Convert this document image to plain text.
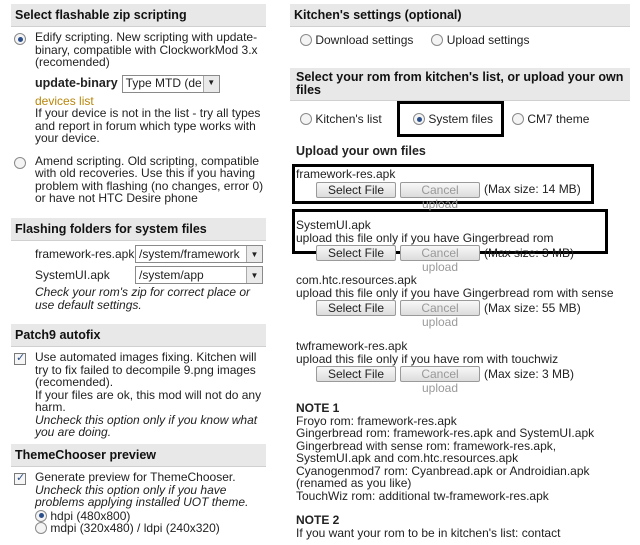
Select flashable zip scripting
Edify scripting. New scripting with update-binary, compatible with ClockworkMod 3.x (recomended)
update-binary Type MTD (de ▼
devices list
If your device is not in the list - try all types and report in forum which type works with your device.
Amend scripting. Old scripting, compatible with old recoveries. Use this if you having problem with flashing (no changes, error 0) or have not HTC Desire phone
Flashing folders for system files
framework-res.apk /system/framework	▼
SystemUI.apk	/system/app	▼
Check your rom's zip for correct place or use default settings.
Patch9 autofix
✓
Use automated images fixing. Kitchen will try to fix failed to decompile 9.png images (recomended).
If your files are ok, this mod will not do any harm.
Uncheck this option only if you know what you are doing.
ThemeChooser preview
✓
Generate preview for ThemeChooser.
Uncheck this option only if you have problems applying installed UOT theme.
hdpi (480x800)
mdpi (320x480) / ldpi (240x320)
Kitchen's settings (optional)
Download settings	Upload settings
Select your rom from kitchen's list, or upload your own files
Kitchen's list	System files	CM7 theme
Upload your own files
framework-res.apk
Select File	Cancel upload
(Max size: 14 MB)
SystemUI.apk
upload this file only if you have Gingerbread rom
Select File	Cancel upload
(Max size: 3 MB)
com.htc.resources.apk
upload this file only if you have Gingerbread rom with sense
Select File	Cancel upload
(Max size: 55 MB)
twframework-res.apk
upload this file only if you have rom with touchwiz
Select File	Cancel upload
(Max size: 3 MB)
NOTE 1
Froyo rom: framework-res.apk
Gingerbread rom: framework-res.apk and SystemUI.apk
Gingerbread with sense rom: framework-res.apk, SystemUI.apk and com.htc.resources.apk
Cyanogenmod7 rom: Cyanbread.apk or Androidian.apk (renamed as you like)
TouchWiz rom: additional tw-framework-res.apk
NOTE 2
If you want your rom to be in kitchen's list: contact
